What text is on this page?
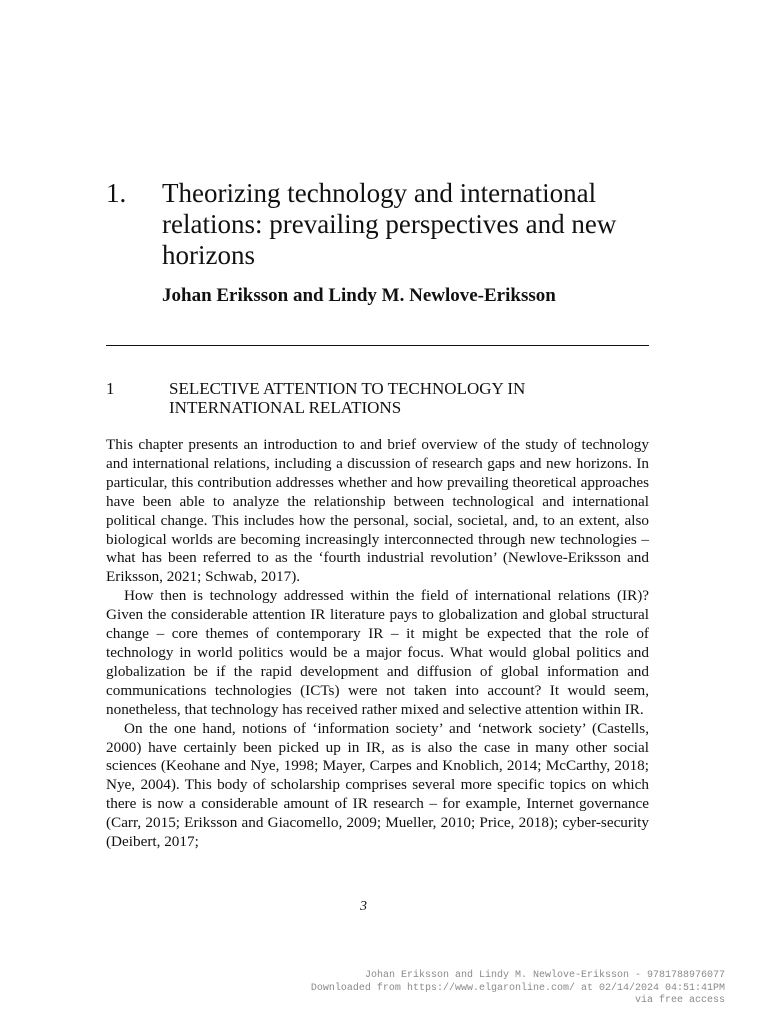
1. Theorizing technology and international relations: prevailing perspectives and new horizons
Johan Eriksson and Lindy M. Newlove-Eriksson
1	SELECTIVE ATTENTION TO TECHNOLOGY IN INTERNATIONAL RELATIONS

This chapter presents an introduction to and brief overview of the study of technology and international relations, including a discussion of research gaps and new horizons. In particular, this contribution addresses whether and how prevailing theoretical approaches have been able to analyze the relationship between technological and international political change. This includes how the personal, social, societal, and, to an extent, also biological worlds are becoming increasingly interconnected through new technologies – what has been referred to as the ‘fourth industrial revolution’ (Newlove-Eriksson and Eriksson, 2021; Schwab, 2017).

How then is technology addressed within the field of international relations (IR)? Given the considerable attention IR literature pays to globalization and global structural change – core themes of contemporary IR – it might be expected that the role of technology in world politics would be a major focus. What would global politics and globalization be if the rapid development and diffusion of global information and communications technologies (ICTs) were not taken into account? It would seem, nonetheless, that technology has received rather mixed and selective attention within IR.

On the one hand, notions of ‘information society’ and ‘network society’ (Castells, 2000) have certainly been picked up in IR, as is also the case in many other social sciences (Keohane and Nye, 1998; Mayer, Carpes and Knoblich, 2014; McCarthy, 2018; Nye, 2004). This body of scholarship comprises several more specific topics on which there is now a considerable amount of IR research – for example, Internet governance (Carr, 2015; Eriksson and Giacomello, 2009; Mueller, 2010; Price, 2018); cyber-security (Deibert, 2017;

3
Johan Eriksson and Lindy M. Newlove-Eriksson - 9781788976077
Downloaded from https://www.elgaronline.com/ at 02/14/2024 04:51:41PM
via free access
